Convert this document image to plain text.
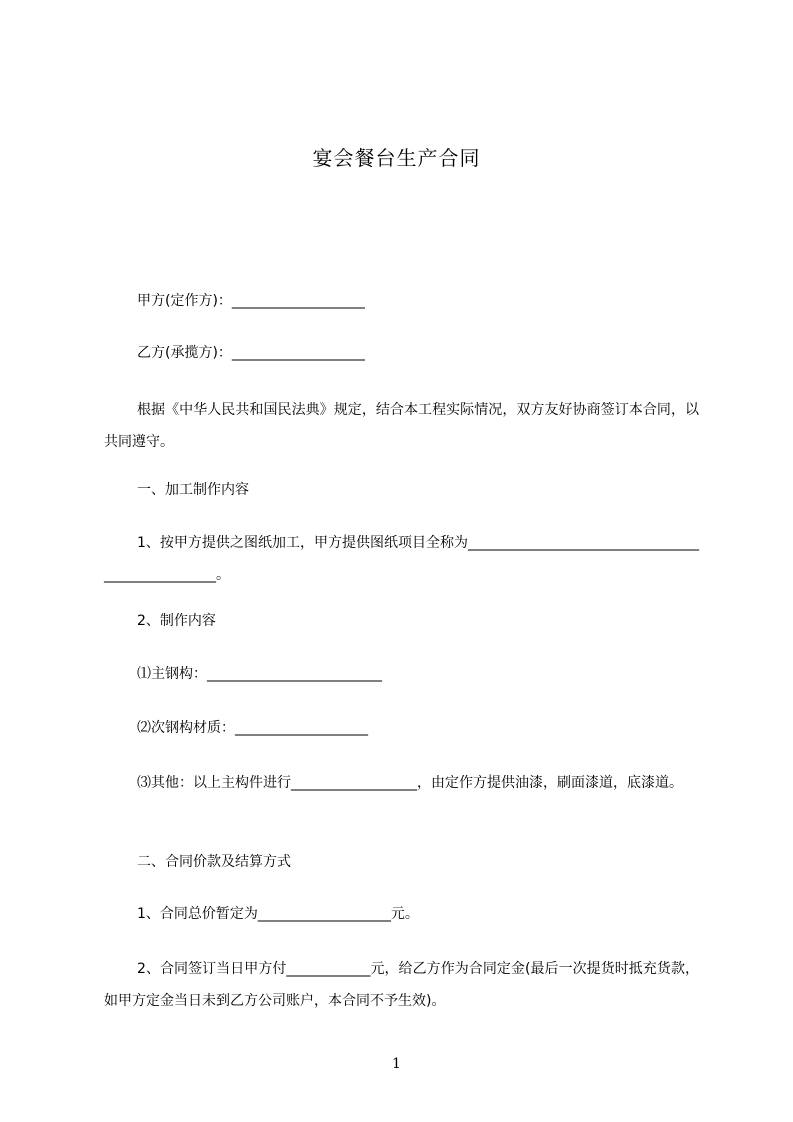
宴会餐台生产合同
甲方(定作方)：___________________
乙方(承揽方)：___________________

根据《中华人民共和国民法典》规定，结合本工程实际情况，双方友好协商签订本合同，以共同遵守。

一、加工制作内容

1、按甲方提供之图纸加工，甲方提供图纸项目全称为_________________________________________________。

2、制作内容
⑴主钢构：_________________________
⑵次钢构材质：___________________

⑶其他：以上主构件进行__________________，由定作方提供油漆，刷面漆道，底漆道。

二、合同价款及结算方式
1、合同总价暂定为___________________元。

2、合同签订当日甲方付____________元，给乙方作为合同定金(最后一次提货时抵充货款，如甲方定金当日未到乙方公司账户，本合同不予生效)。

1
